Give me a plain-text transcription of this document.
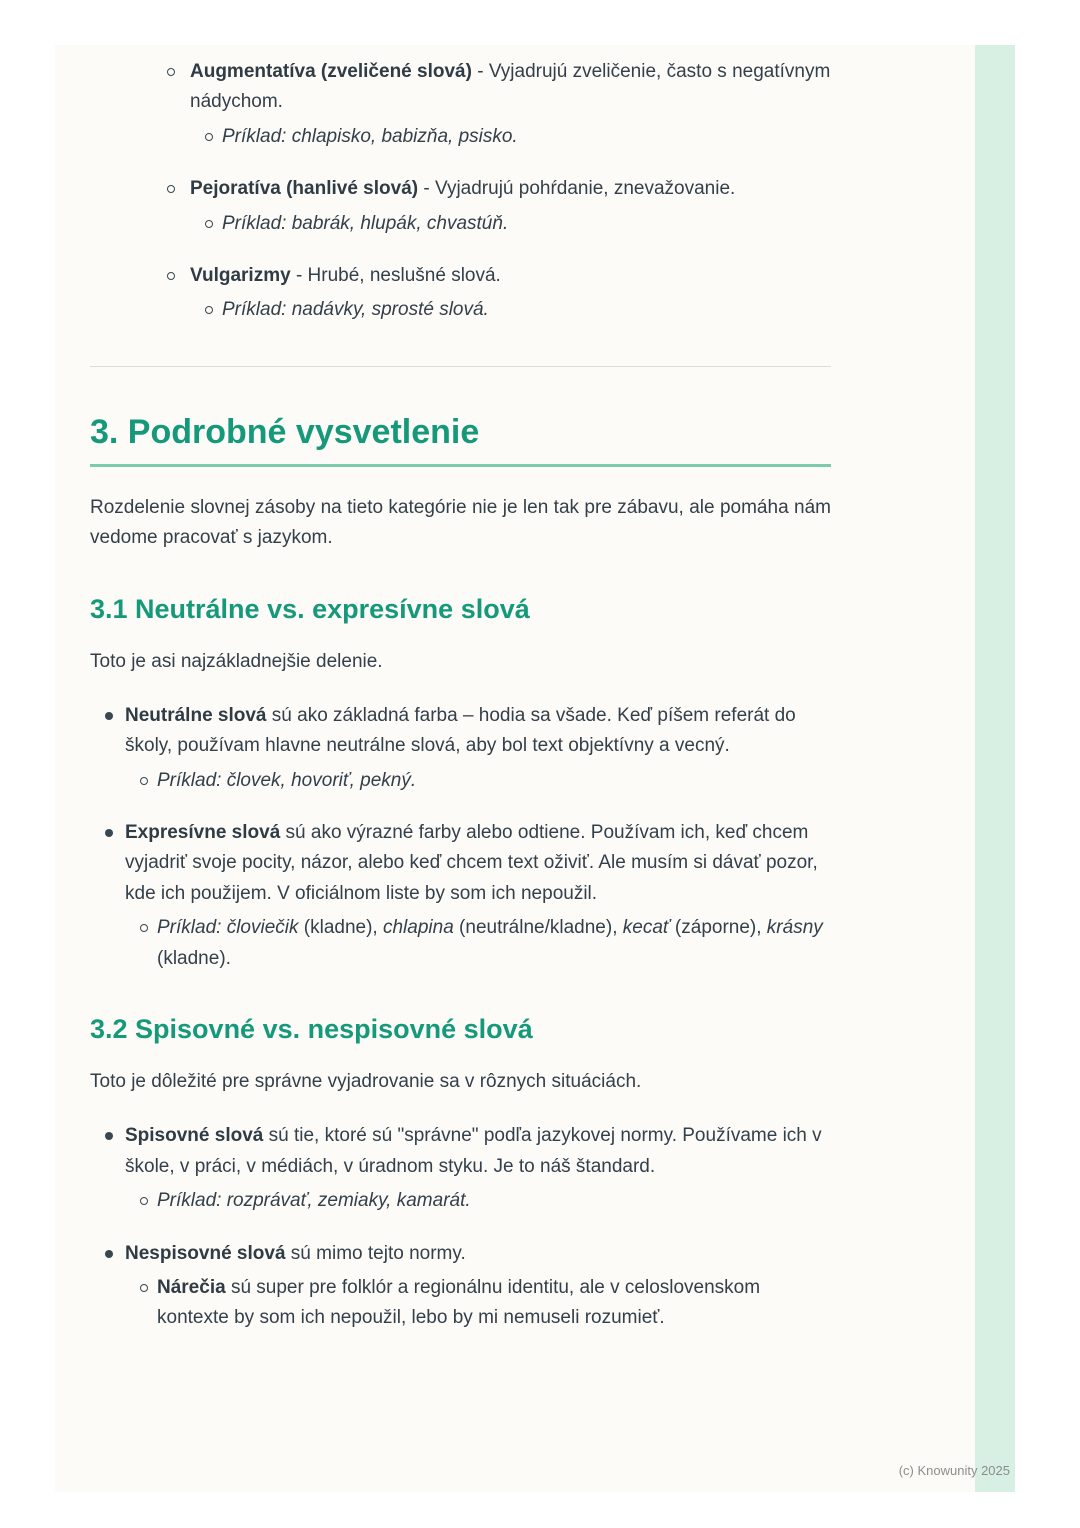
Augmentatíva (zveličené slová) - Vyjadrujú zveličenie, často s negatívnym nádychom.

Príklad: chlapisko, babizňa, psisko.

Pejoratíva (hanlivé slová) - Vyjadrujú pohŕdanie, znevažovanie.

Príklad: babrák, hlupák, chvastúň.

Vulgarizmy - Hrubé, neslušné slová.

Príklad: nadávky, sprosté slová.

3. Podrobné vysvetlenie

Rozdelenie slovnej zásoby na tieto kategórie nie je len tak pre zábavu, ale pomáha nám vedome pracovať s jazykom.

3.1 Neutrálne vs. expresívne slová

Toto je asi najzákladnejšie delenie.

Neutrálne slová sú ako základná farba – hodia sa všade. Keď píšem referát do školy, používam hlavne neutrálne slová, aby bol text objektívny a vecný.

Príklad: človek, hovoriť, pekný.

Expresívne slová sú ako výrazné farby alebo odtiene. Používam ich, keď chcem vyjadriť svoje pocity, názor, alebo keď chcem text oživiť. Ale musím si dávať pozor, kde ich použijem. V oficiálnom liste by som ich nepoužil.

Príklad: človiečik (kladne), chlapina (neutrálne/kladne), kecať (záporne), krásny (kladne).

3.2 Spisovné vs. nespisovné slová

Toto je dôležité pre správne vyjadrovanie sa v rôznych situáciách.

Spisovné slová sú tie, ktoré sú "správne" podľa jazykovej normy. Používame ich v škole, v práci, v médiách, v úradnom styku. Je to náš štandard.

Príklad: rozprávať, zemiaky, kamarát.

Nespisovné slová sú mimo tejto normy.

Nárečia sú super pre folklór a regionálnu identitu, ale v celoslovenskom kontexte by som ich nepoužil, lebo by mi nemuseli rozumieť.

(c) Knowunity 2025
